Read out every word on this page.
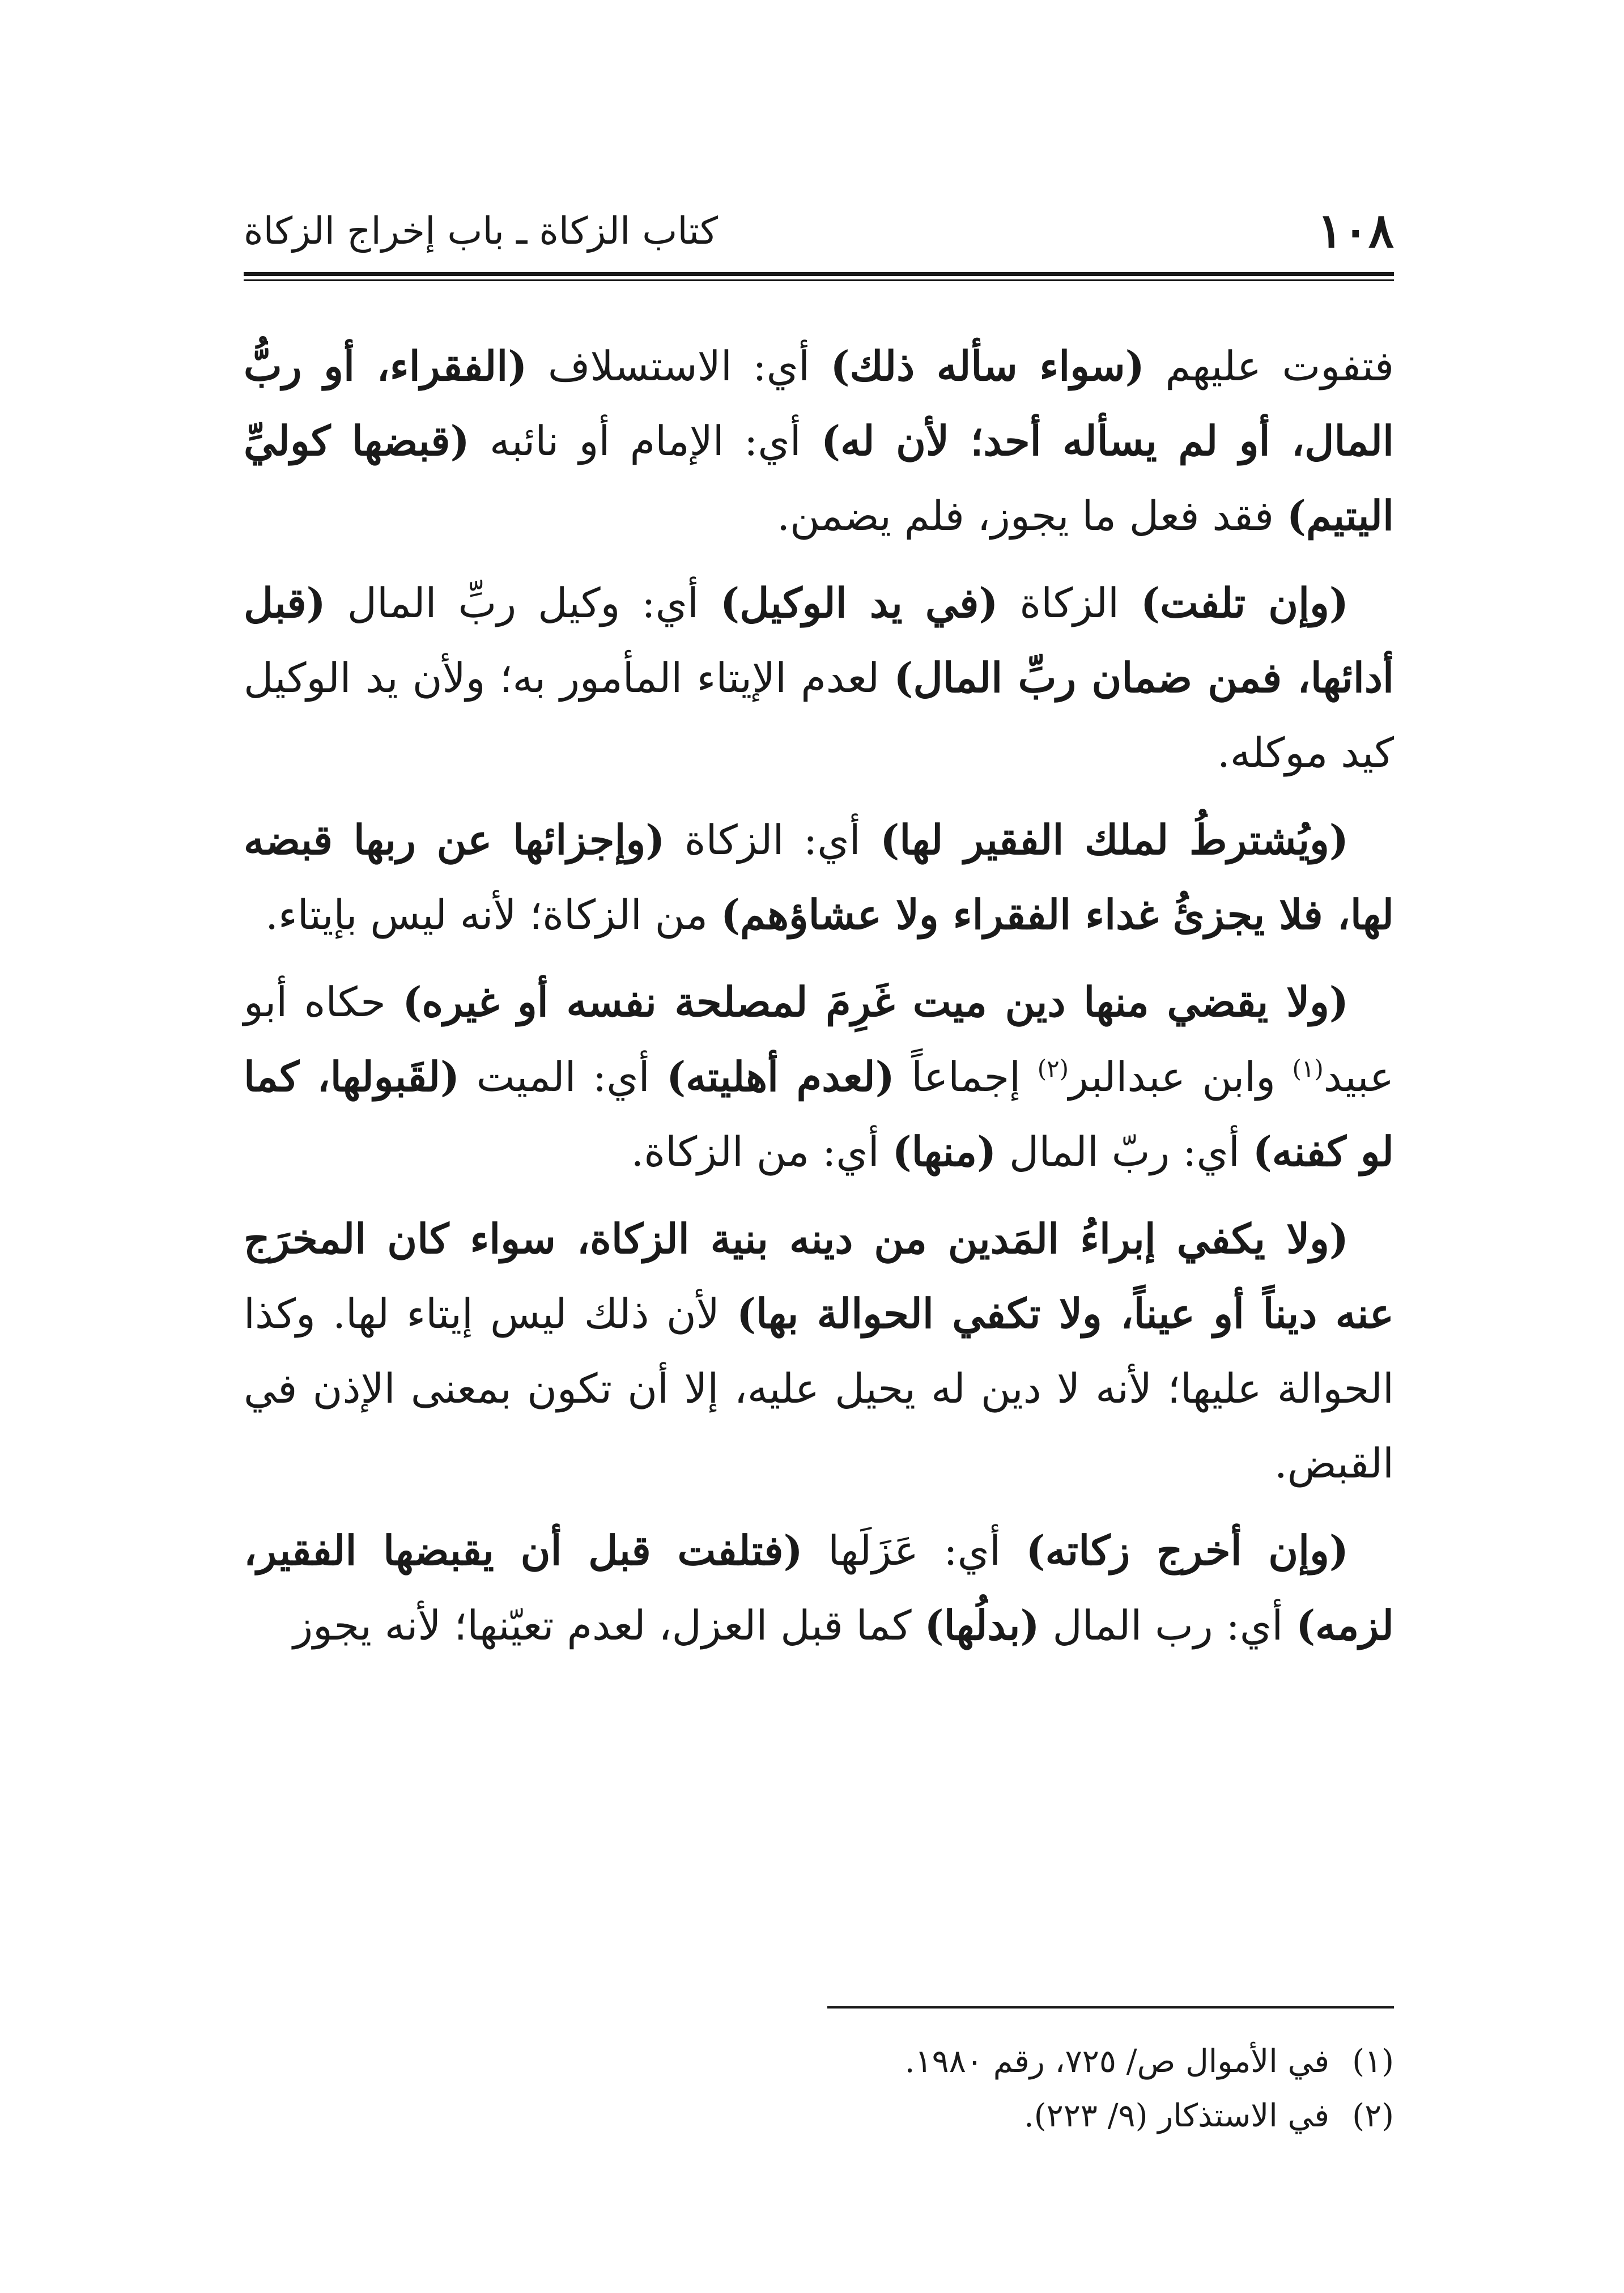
١٠٨
كتاب الزكاة ـ باب إخراج الزكاة

فتفوت عليهم (سواء سأله ذلك) أي: الاستسلاف (الفقراء، أو ربُّ المال، أو لم يسأله أحد؛ لأن له) أي: الإمام أو نائبه (قبضها كوليِّ اليتيم) فقد فعل ما يجوز، فلم يضمن.

(وإن تلفت) الزكاة (في يد الوكيل) أي: وكيل ربِّ المال (قبل أدائها، فمن ضمان ربِّ المال) لعدم الإيتاء المأمور به؛ ولأن يد الوكيل كيد موكله.

(ويُشترطُ لملك الفقير لها) أي: الزكاة (وإجزائها عن ربها قبضه لها، فلا يجزئُ غداء الفقراء ولا عشاؤهم) من الزكاة؛ لأنه ليس بإيتاء.

(ولا يقضي منها دين ميت غَرِمَ لمصلحة نفسه أو غيره) حكاه أبو عبيد$^{(١)}$ وابن عبدالبر$^{(٢)}$ إجماعاً (لعدم أهليته) أي: الميت (لقَبولها، كما لو كفنه) أي: ربّ المال (منها) أي: من الزكاة.

(ولا يكفي إبراءُ المَدين من دينه بنية الزكاة، سواء كان المخرَج عنه ديناً أو عيناً، ولا تكفي الحوالة بها) لأن ذلك ليس إيتاء لها. وكذا الحوالة عليها؛ لأنه لا دين له يحيل عليه، إلا أن تكون بمعنى الإذن في القبض.

(وإن أخرج زكاته) أي: عَزَلَها (فتلفت قبل أن يقبضها الفقير، لزمه) أي: رب المال (بدلُها) كما قبل العزل، لعدم تعيّنها؛ لأنه يجوز

(١)
في الأموال ص/ ٧٢٥، رقم ١٩٨٠.
(٢)
في الاستذكار (٩/ ٢٢٣).
